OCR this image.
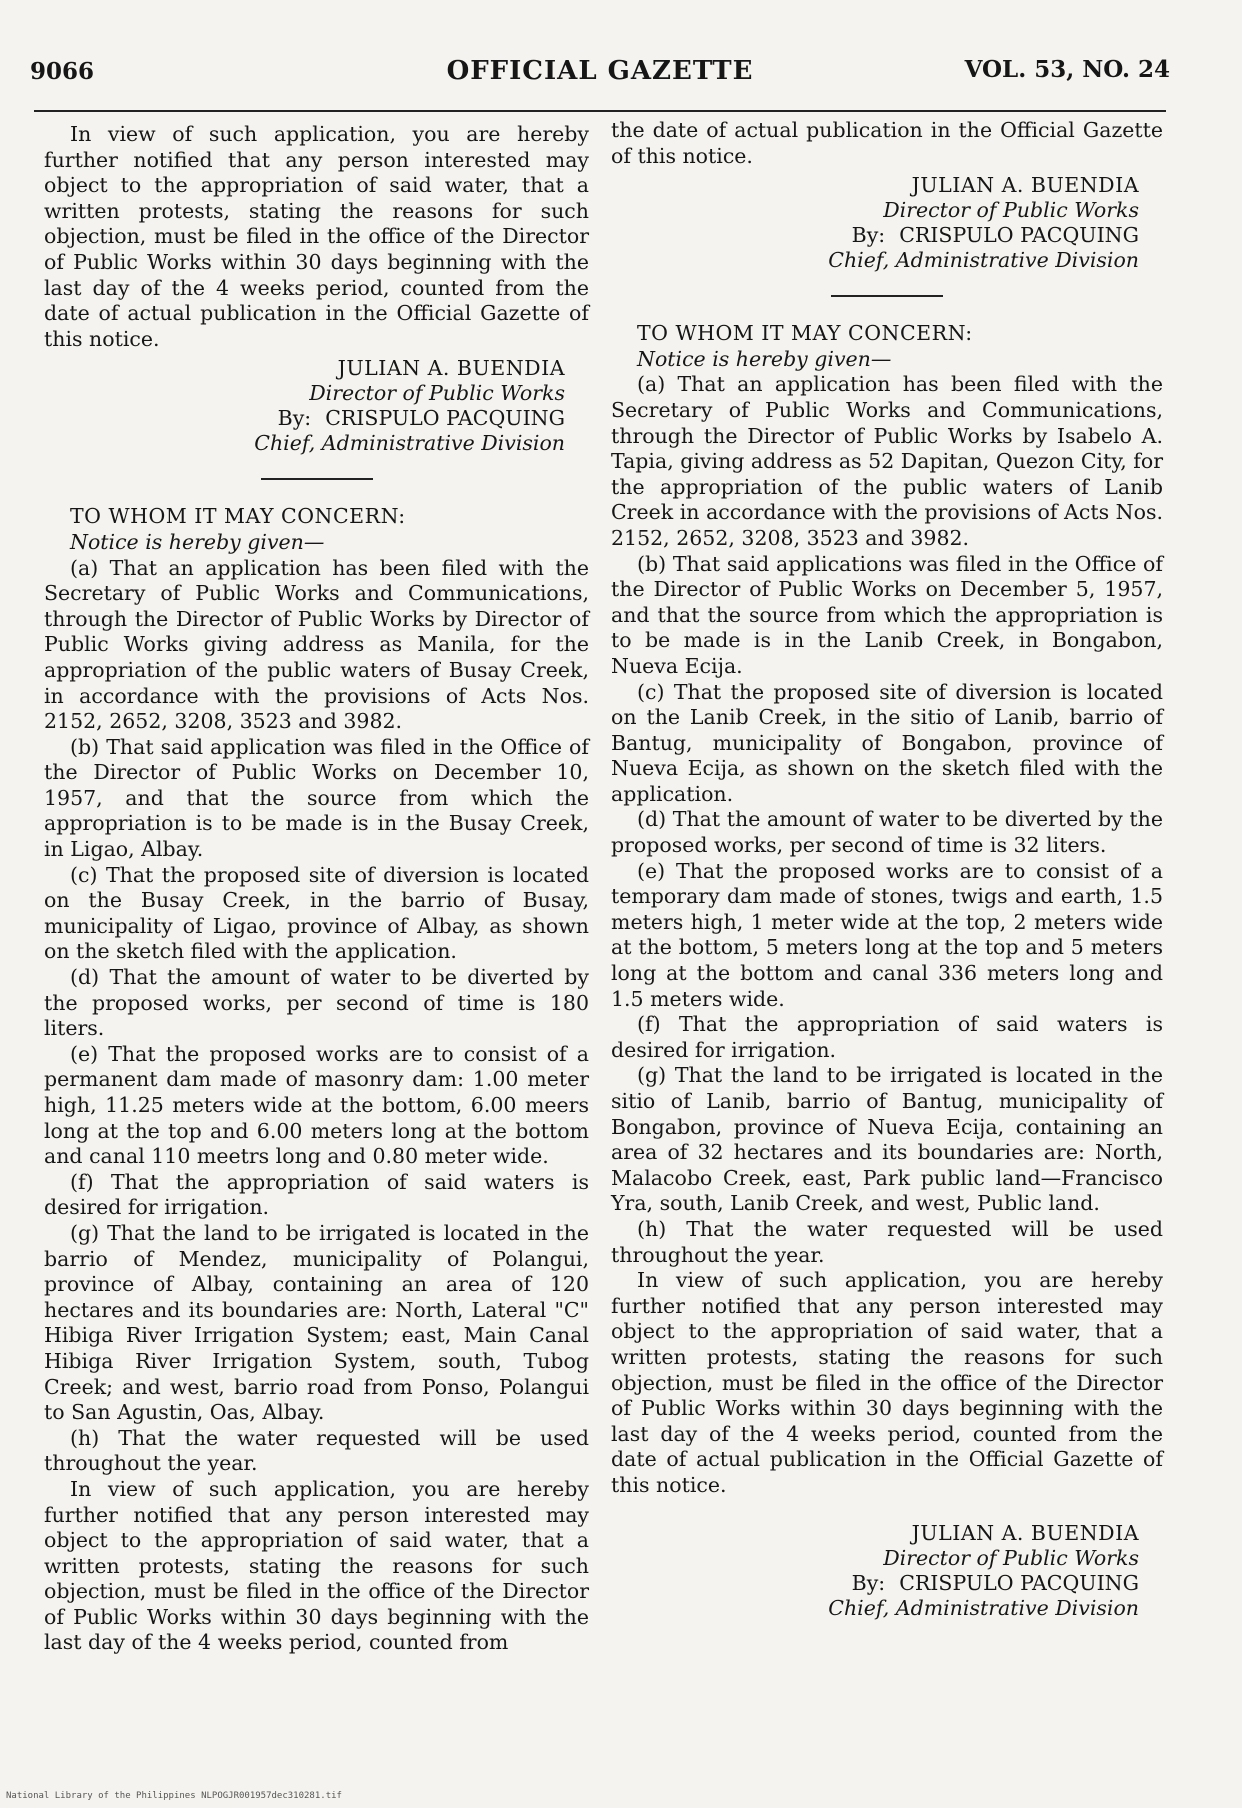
9066	OFFICIAL GAZETTE	VOL. 53, NO. 24

In view of such application, you are hereby further notified that any person interested may object to the appropriation of said water, that a written protests, stating the reasons for such objection, must be filed in the office of the Director of Public Works within 30 days beginning with the last day of the 4 weeks period, counted from the date of actual publication in the Official Gazette of this notice.

JULIAN A. BUENDIA
Director of Public Works
By: CRISPULO PACQUING
Chief, Administrative Division

TO WHOM IT MAY CONCERN:

Notice is hereby given—

(a) That an application has been filed with the Secretary of Public Works and Communications, through the Director of Public Works by Director of Public Works giving address as Manila, for the appropriation of the public waters of Busay Creek, in accordance with the provisions of Acts Nos. 2152, 2652, 3208, 3523 and 3982.

(b) That said application was filed in the Office of the Director of Public Works on December 10, 1957, and that the source from which the appropriation is to be made is in the Busay Creek, in Ligao, Albay.

(c) That the proposed site of diversion is located on the Busay Creek, in the barrio of Busay, municipality of Ligao, province of Albay, as shown on the sketch filed with the application.

(d) That the amount of water to be diverted by the proposed works, per second of time is 180 liters.

(e) That the proposed works are to consist of a permanent dam made of masonry dam: 1.00 meter high, 11.25 meters wide at the bottom, 6.00 meers long at the top and 6.00 meters long at the bottom and canal 110 meetrs long and 0.80 meter wide.

(f) That the appropriation of said waters is desired for irrigation.

(g) That the land to be irrigated is located in the barrio of Mendez, municipality of Polangui, province of Albay, containing an area of 120 hectares and its boundaries are: North, Lateral "C" Hibiga River Irrigation System; east, Main Canal Hibiga River Irrigation System, south, Tubog Creek; and west, barrio road from Ponso, Polangui to San Agustin, Oas, Albay.

(h) That the water requested will be used throughout the year.

In view of such application, you are hereby further notified that any person interested may object to the appropriation of said water, that a written protests, stating the reasons for such objection, must be filed in the office of the Director of Public Works within 30 days beginning with the last day of the 4 weeks period, counted from

the date of actual publication in the Official Gazette of this notice.

JULIAN A. BUENDIA
Director of Public Works
By: CRISPULO PACQUING
Chief, Administrative Division

TO WHOM IT MAY CONCERN:

Notice is hereby given—

(a) That an application has been filed with the Secretary of Public Works and Communications, through the Director of Public Works by Isabelo A. Tapia, giving address as 52 Dapitan, Quezon City, for the appropriation of the public waters of Lanib Creek in accordance with the provisions of Acts Nos. 2152, 2652, 3208, 3523 and 3982.

(b) That said applications was filed in the Office of the Director of Public Works on December 5, 1957, and that the source from which the appropriation is to be made is in the Lanib Creek, in Bongabon, Nueva Ecija.

(c) That the proposed site of diversion is located on the Lanib Creek, in the sitio of Lanib, barrio of Bantug, municipality of Bongabon, province of Nueva Ecija, as shown on the sketch filed with the application.

(d) That the amount of water to be diverted by the proposed works, per second of time is 32 liters.

(e) That the proposed works are to consist of a temporary dam made of stones, twigs and earth, 1.5 meters high, 1 meter wide at the top, 2 meters wide at the bottom, 5 meters long at the top and 5 meters long at the bottom and canal 336 meters long and 1.5 meters wide.

(f) That the appropriation of said waters is desired for irrigation.

(g) That the land to be irrigated is located in the sitio of Lanib, barrio of Bantug, municipality of Bongabon, province of Nueva Ecija, containing an area of 32 hectares and its boundaries are: North, Malacobo Creek, east, Park public land—Francisco Yra, south, Lanib Creek, and west, Public land.

(h) That the water requested will be used throughout the year.

In view of such application, you are hereby further notified that any person interested may object to the appropriation of said water, that a written protests, stating the reasons for such objection, must be filed in the office of the Director of Public Works within 30 days beginning with the last day of the 4 weeks period, counted from the date of actual publication in the Official Gazette of this notice.

JULIAN A. BUENDIA
Director of Public Works
By: CRISPULO PACQUING
Chief, Administrative Division
National Library of the Philippines NLPOGJR001957dec310281.tif
